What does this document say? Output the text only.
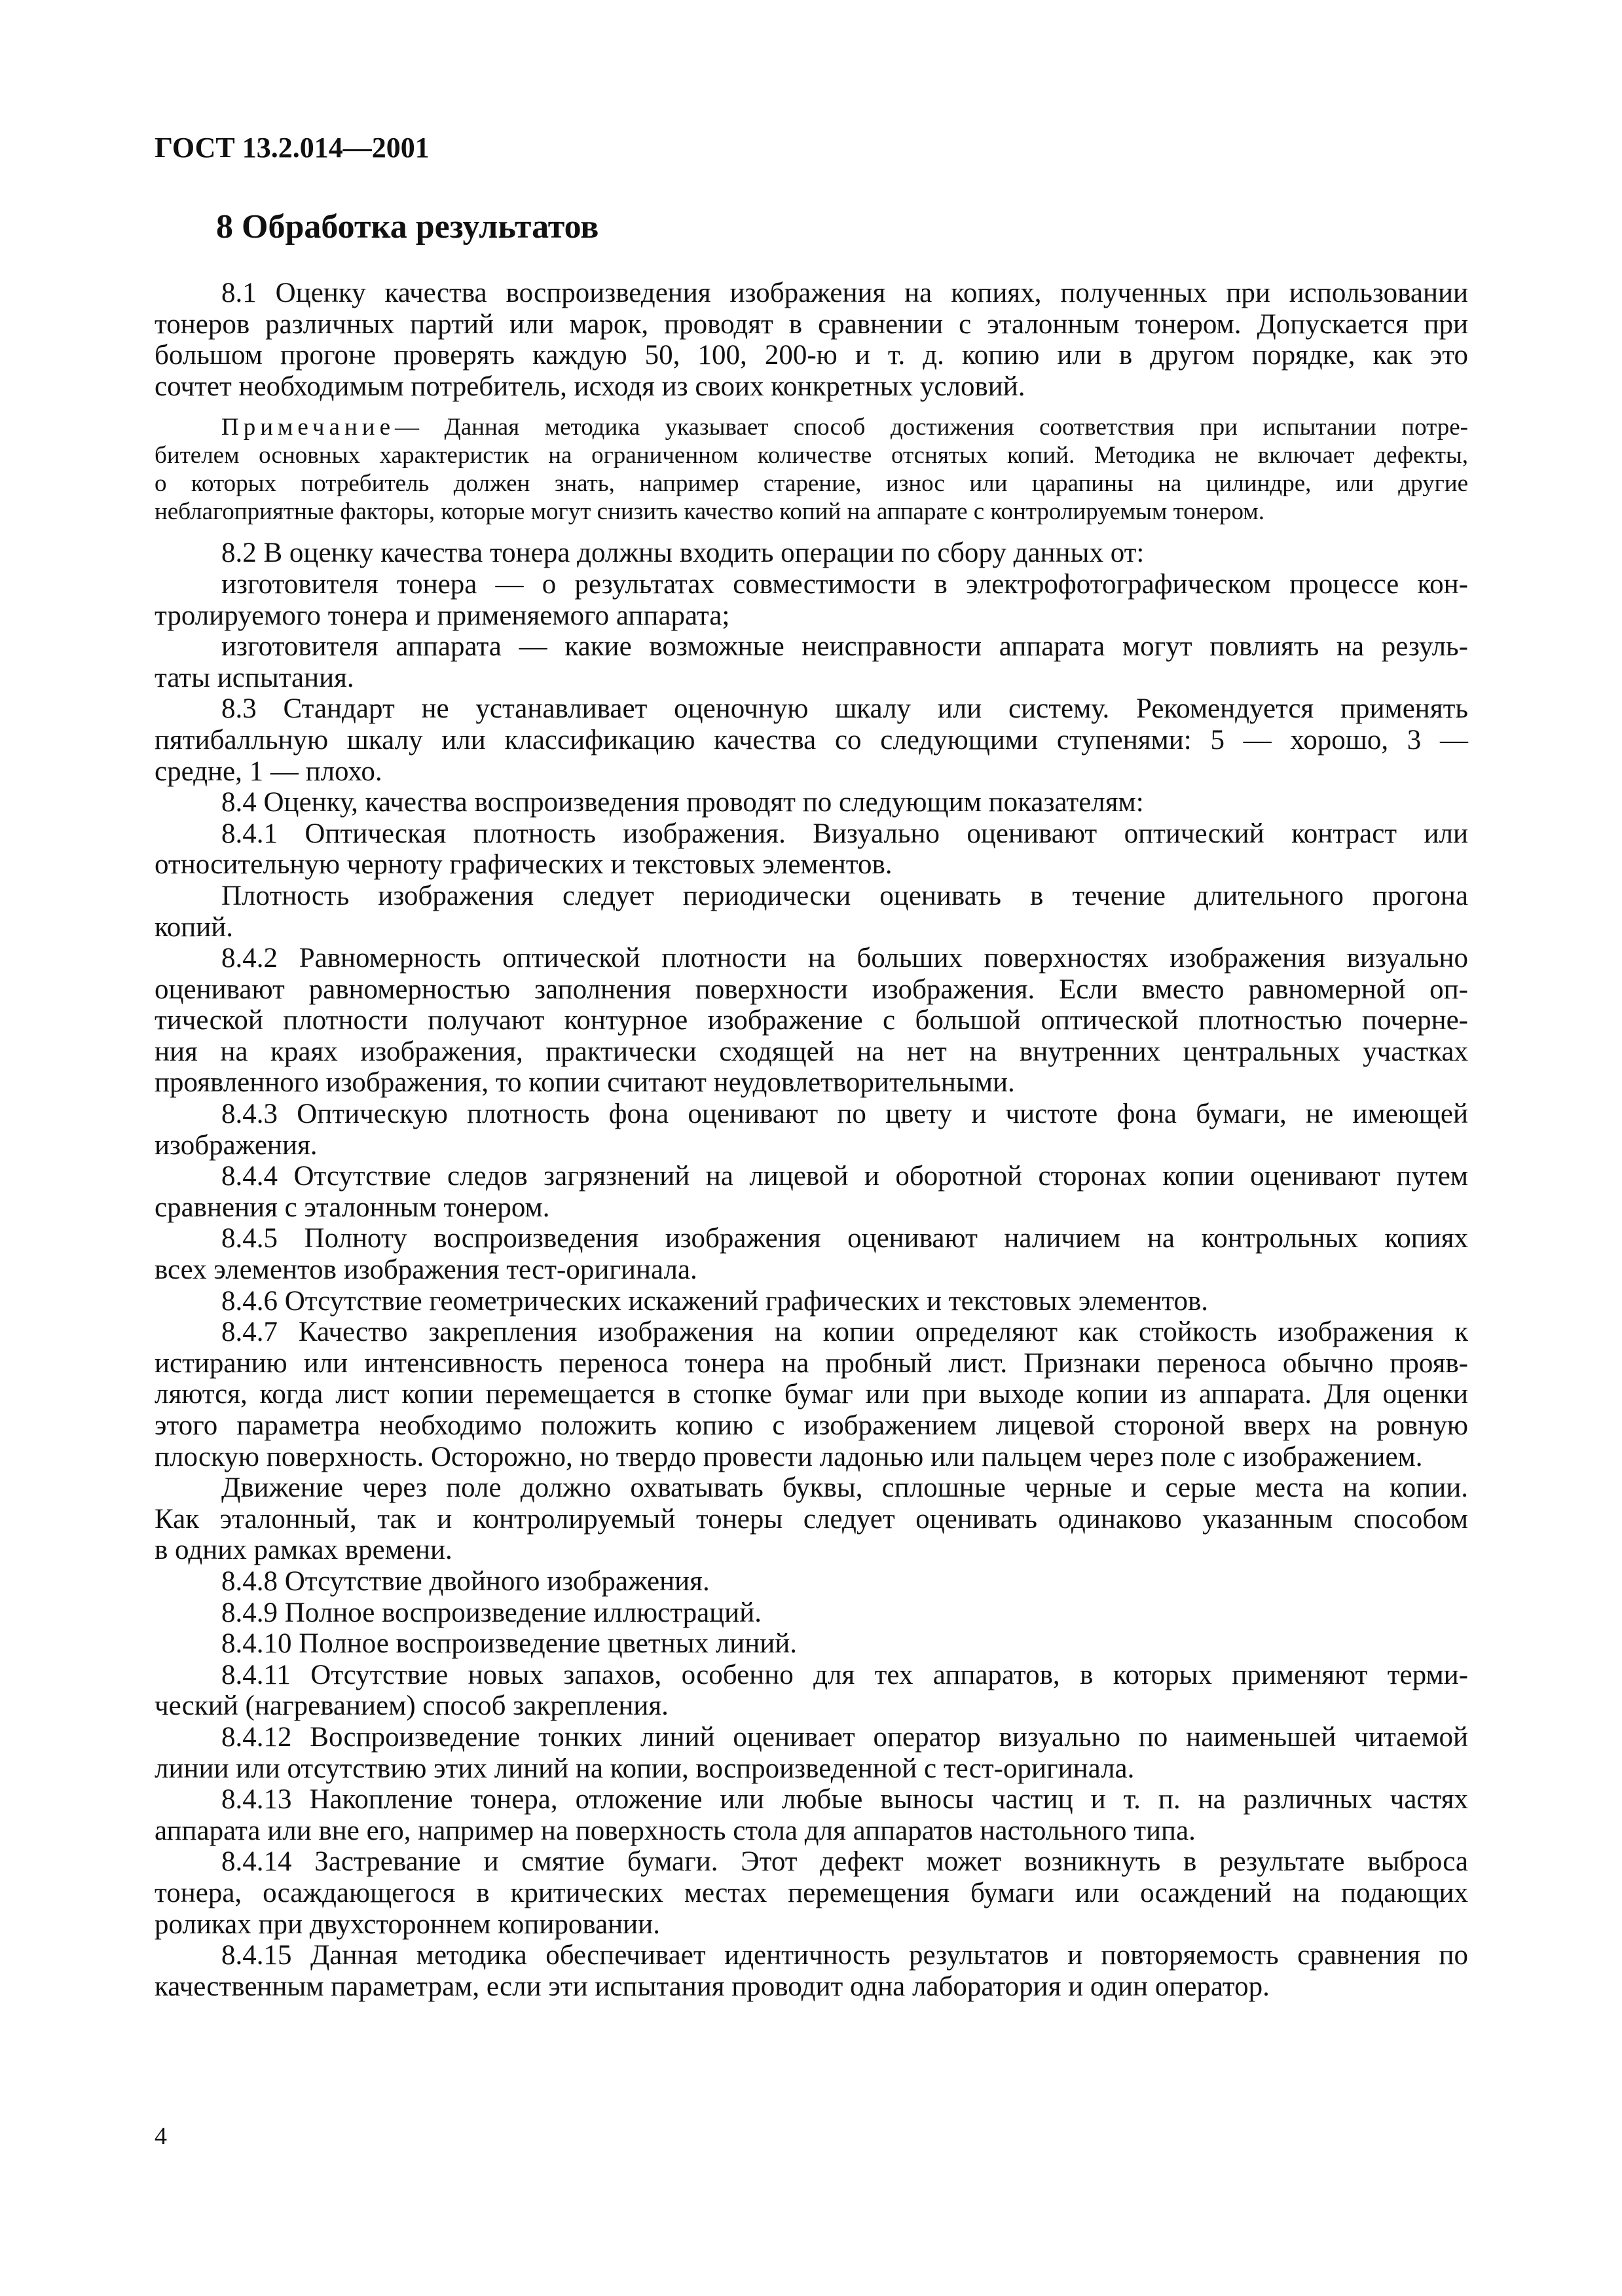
ГОСТ 13.2.014—2001
8 Обработка результатов
8.1 Оценку качества воспроизведения изображения на копиях, полученных при использовании
тонеров различных партий или марок, проводят в сравнении с эталонным тонером. Допускается при
большом прогоне проверять каждую 50, 100, 200-ю и т. д. копию или в другом порядке, как это
сочтет необходимым потребитель, исходя из своих конкретных условий.
Примечание— Данная методика указывает способ достижения соответствия при испытании потре-
бителем основных характеристик на ограниченном количестве отснятых копий. Методика не включает дефекты,
о которых потребитель должен знать, например старение, износ или царапины на цилиндре, или другие
неблагоприятные факторы, которые могут снизить качество копий на аппарате с контролируемым тонером.
8.2 В оценку качества тонера должны входить операции по сбору данных от:
изготовителя тонера — о результатах совместимости в электрофотографическом процессе кон-
тролируемого тонера и применяемого аппарата;
изготовителя аппарата — какие возможные неисправности аппарата могут повлиять на резуль-
таты испытания.
8.3 Стандарт не устанавливает оценочную шкалу или систему. Рекомендуется применять
пятибалльную шкалу или классификацию качества со следующими ступенями: 5 — хорошо, 3 —
средне, 1 — плохо.
8.4 Оценку, качества воспроизведения проводят по следующим показателям:
8.4.1 Оптическая плотность изображения. Визуально оценивают оптический контраст или
относительную черноту графических и текстовых элементов.
Плотность изображения следует периодически оценивать в течение длительного прогона
копий.
8.4.2 Равномерность оптической плотности на больших поверхностях изображения визуально
оценивают равномерностью заполнения поверхности изображения. Если вместо равномерной оп-
тической плотности получают контурное изображение с большой оптической плотностью почерне-
ния на краях изображения, практически сходящей на нет на внутренних центральных участках
проявленного изображения, то копии считают неудовлетворительными.
8.4.3 Оптическую плотность фона оценивают по цвету и чистоте фона бумаги, не имеющей
изображения.
8.4.4 Отсутствие следов загрязнений на лицевой и оборотной сторонах копии оценивают путем
сравнения с эталонным тонером.
8.4.5 Полноту воспроизведения изображения оценивают наличием на контрольных копиях
всех элементов изображения тест-оригинала.
8.4.6 Отсутствие геометрических искажений графических и текстовых элементов.
8.4.7 Качество закрепления изображения на копии определяют как стойкость изображения к
истиранию или интенсивность переноса тонера на пробный лист. Признаки переноса обычно прояв-
ляются, когда лист копии перемещается в стопке бумаг или при выходе копии из аппарата. Для оценки
этого параметра необходимо положить копию с изображением лицевой стороной вверх на ровную
плоскую поверхность. Осторожно, но твердо провести ладонью или пальцем через поле с изображением.
Движение через поле должно охватывать буквы, сплошные черные и серые места на копии.
Как эталонный, так и контролируемый тонеры следует оценивать одинаково указанным способом
в одних рамках времени.
8.4.8 Отсутствие двойного изображения.
8.4.9 Полное воспроизведение иллюстраций.
8.4.10 Полное воспроизведение цветных линий.
8.4.11 Отсутствие новых запахов, особенно для тех аппаратов, в которых применяют терми-
ческий (нагреванием) способ закрепления.
8.4.12 Воспроизведение тонких линий оценивает оператор визуально по наименьшей читаемой
линии или отсутствию этих линий на копии, воспроизведенной с тест-оригинала.
8.4.13 Накопление тонера, отложение или любые выносы частиц и т. п. на различных частях
аппарата или вне его, например на поверхность стола для аппаратов настольного типа.
8.4.14 Застревание и смятие бумаги. Этот дефект может возникнуть в результате выброса
тонера, осаждающегося в критических местах перемещения бумаги или осаждений на подающих
роликах при двухстороннем копировании.
8.4.15 Данная методика обеспечивает идентичность результатов и повторяемость сравнения по
качественным параметрам, если эти испытания проводит одна лаборатория и один оператор.
4
